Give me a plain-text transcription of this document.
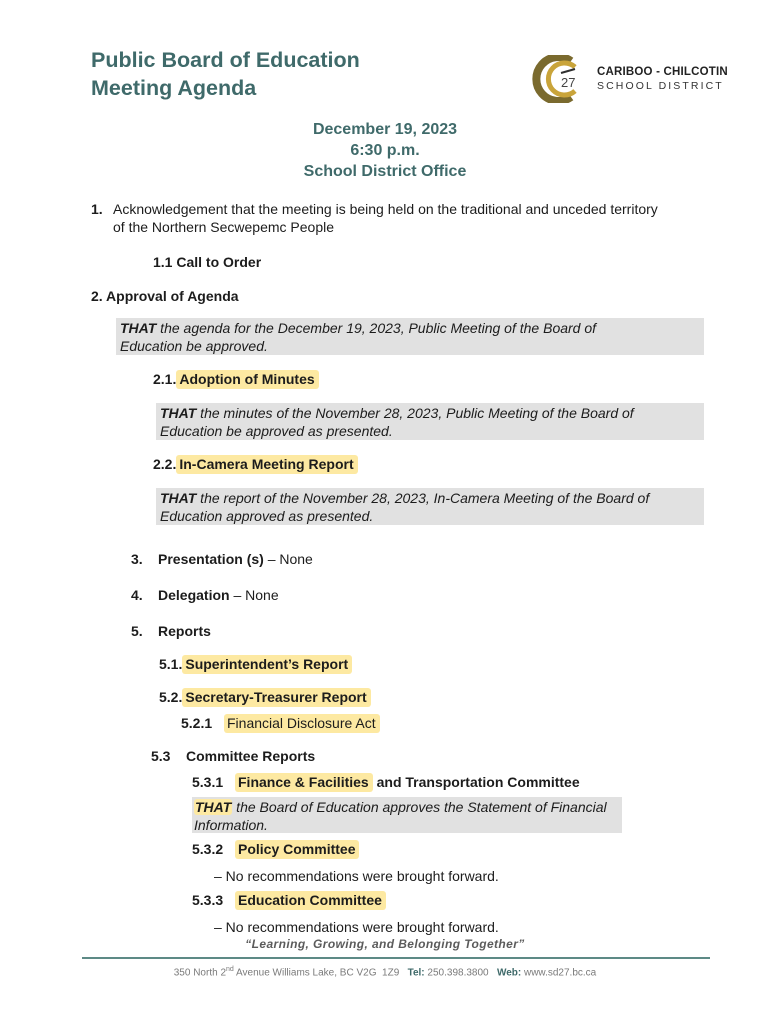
Public Board of Education
Meeting Agenda	27
CARIBOO - CHILCOTIN
SCHOOL DISTRICT
December 19, 2023
6:30 p.m.
School District Office
1. Acknowledgement that the meeting is being held on the traditional and unceded territory
of the Northern Secwepemc People
1.1 Call to Order
2. Approval of Agenda
THAT the agenda for the December 19, 2023, Public Meeting of the Board of
Education be approved.
2.1. Adoption of Minutes
THAT the minutes of the November 28, 2023, Public Meeting of the Board of
Education be approved as presented.
2.2. In-Camera Meeting Report
THAT the report of the November 28, 2023, In-Camera Meeting of the Board of
Education approved as presented.
3. Presentation (s) – None
4. Delegation – None
5. Reports
5.1. Superintendent’s Report
5.2. Secretary-Treasurer Report
5.2.1 Financial Disclosure Act
5.3    Committee Reports
5.3.1 Finance & Facilities and Transportation Committee
THAT the Board of Education approves the Statement of Financial
Information.
5.3.2 Policy Committee
– No recommendations were brought forward.
5.3.3 Education Committee
– No recommendations were brought forward.
“Learning, Growing, and Belonging Together”
350 North 2nd Avenue Williams Lake, BC V2G  1Z9   Tel: 250.398.3800   Web: www.sd27.bc.ca
